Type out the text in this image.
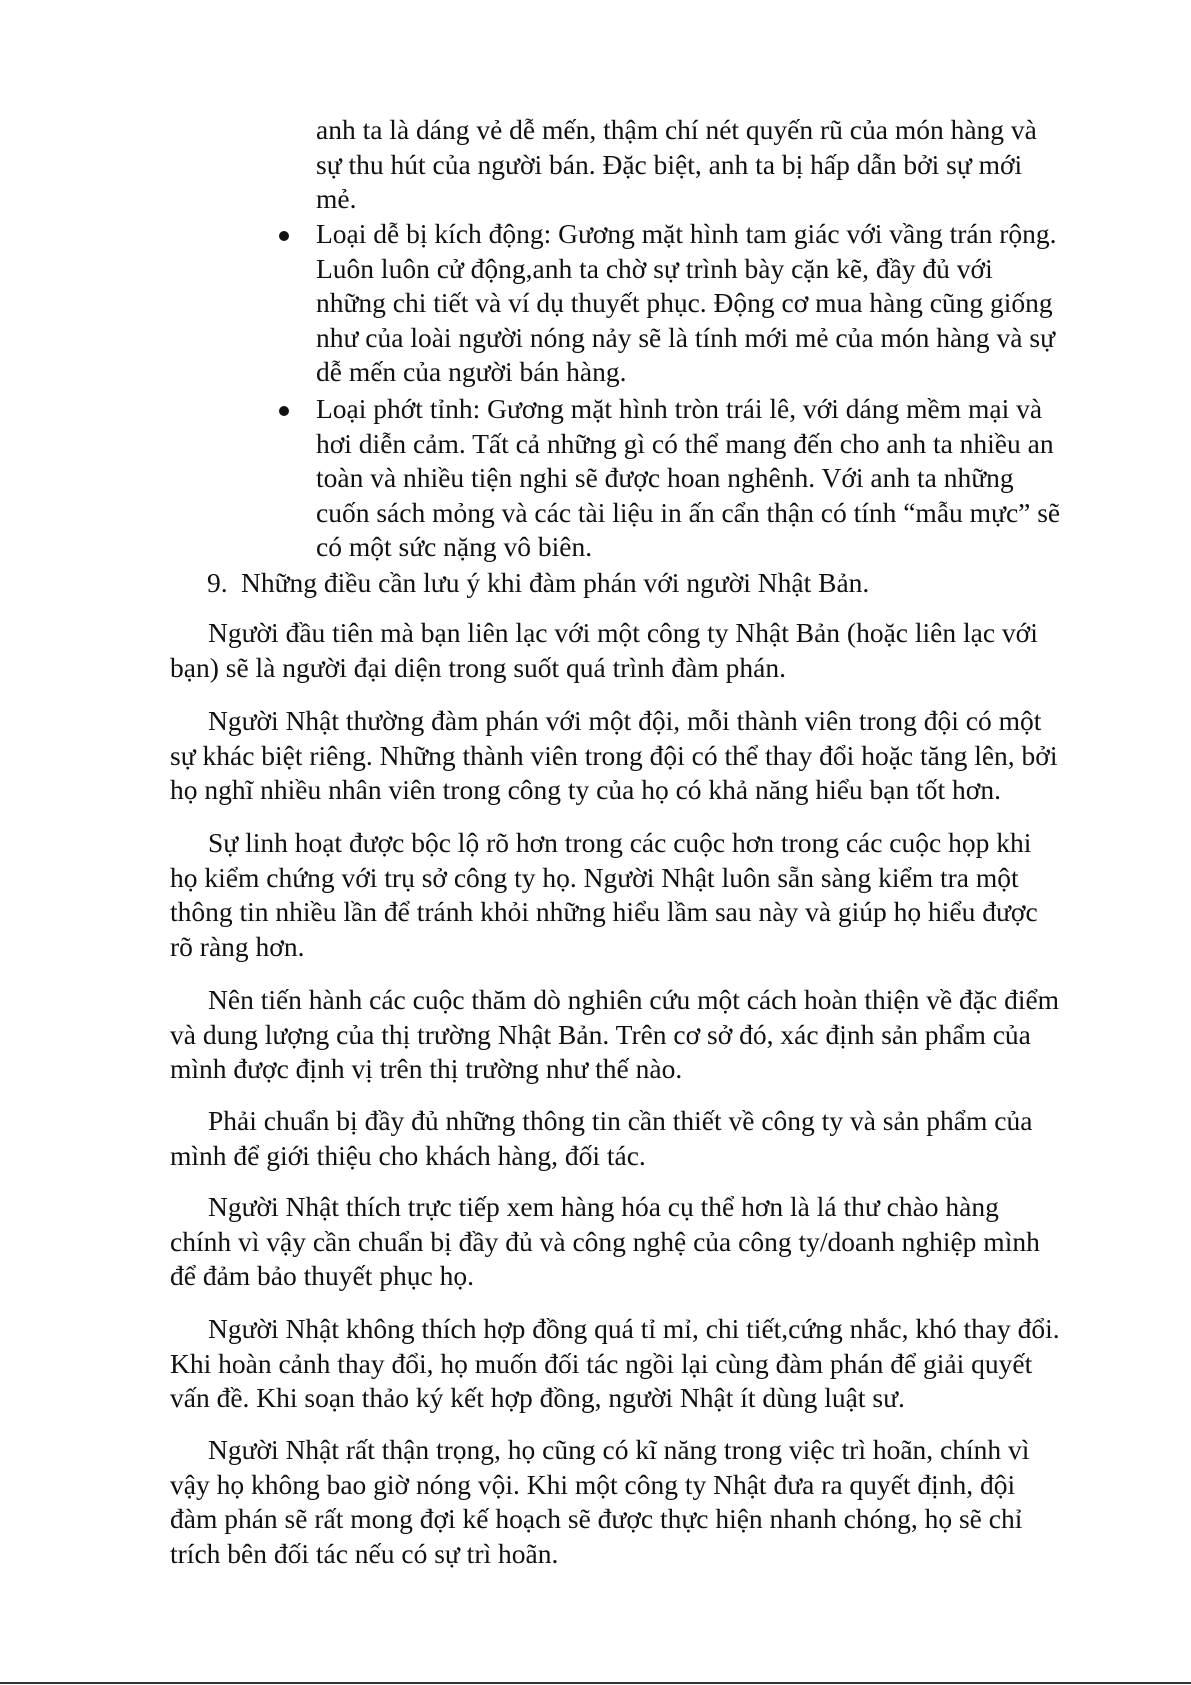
anh ta là dáng vẻ dễ mến, thậm chí nét quyến rũ của món hàng và
sự thu hút của người bán. Đặc biệt, anh ta bị hấp dẫn bởi sự mới
mẻ.

Loại dễ bị kích động: Gương mặt hình tam giác với vầng trán rộng.
Luôn luôn cử động,anh ta chờ sự trình bày cặn kẽ, đầy đủ với
những chi tiết và ví dụ thuyết phục. Động cơ mua hàng cũng giống
như của loài người nóng nảy sẽ là tính mới mẻ của món hàng và sự
dễ mến của người bán hàng.

Loại phớt tỉnh: Gương mặt hình tròn trái lê, với dáng mềm mại và
hơi diễn cảm. Tất cả những gì có thể mang đến cho anh ta nhiều an
toàn và nhiều tiện nghi sẽ được hoan nghênh. Với anh ta những
cuốn sách mỏng và các tài liệu in ấn cẩn thận có tính “mẫu mực” sẽ
có một sức nặng vô biên.

9. Những điều cần lưu ý khi đàm phán với người Nhật Bản.

Người đầu tiên mà bạn liên lạc với một công ty Nhật Bản (hoặc liên lạc với
bạn) sẽ là người đại diện trong suốt quá trình đàm phán.

Người Nhật thường đàm phán với một đội, mỗi thành viên trong đội có một
sự khác biệt riêng. Những thành viên trong đội có thể thay đổi hoặc tăng lên, bởi
họ nghĩ nhiều nhân viên trong công ty của họ có khả năng hiểu bạn tốt hơn.

Sự linh hoạt được bộc lộ rõ hơn trong các cuộc hơn trong các cuộc họp khi
họ kiểm chứng với trụ sở công ty họ. Người Nhật luôn sẵn sàng kiểm tra một
thông tin nhiều lần để tránh khỏi những hiểu lầm sau này và giúp họ hiểu được
rõ ràng hơn.

Nên tiến hành các cuộc thăm dò nghiên cứu một cách hoàn thiện về đặc điểm
và dung lượng của thị trường Nhật Bản. Trên cơ sở đó, xác định sản phẩm của
mình được định vị trên thị trường như thế nào.

Phải chuẩn bị đầy đủ những thông tin cần thiết về công ty và sản phẩm của
mình để giới thiệu cho khách hàng, đối tác.

Người Nhật thích trực tiếp xem hàng hóa cụ thể hơn là lá thư chào hàng
chính vì vậy cần chuẩn bị đầy đủ và công nghệ của công ty/doanh nghiệp mình
để đảm bảo thuyết phục họ.

Người Nhật không thích hợp đồng quá tỉ mỉ, chi tiết,cứng nhắc, khó thay đổi.
Khi hoàn cảnh thay đổi, họ muốn đối tác ngồi lại cùng đàm phán để giải quyết
vấn đề. Khi soạn thảo ký kết hợp đồng, người Nhật ít dùng luật sư.

Người Nhật rất thận trọng, họ cũng có kĩ năng trong việc trì hoãn, chính vì
vậy họ không bao giờ nóng vội. Khi một công ty Nhật đưa ra quyết định, đội
đàm phán sẽ rất mong đợi kế hoạch sẽ được thực hiện nhanh chóng, họ sẽ chỉ
trích bên đối tác nếu có sự trì hoãn.
